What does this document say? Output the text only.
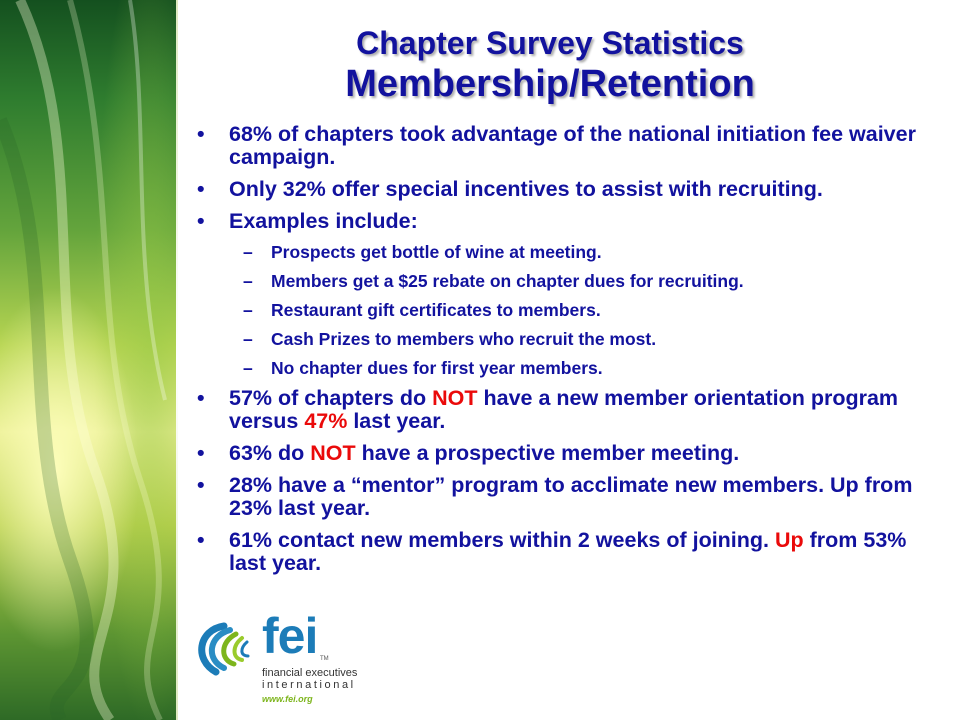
Chapter Survey Statistics
Membership/Retention
• 68% of chapters took advantage of the national initiation fee waiver campaign.
• Only 32% offer special incentives to assist with recruiting.
• Examples include:
– Prospects get bottle of wine at meeting.
– Members get a $25 rebate on chapter dues for recruiting.
– Restaurant gift certificates to members.
– Cash Prizes to members who recruit the most.
– No chapter dues for first year members.
• 57% of chapters do NOT have a new member orientation program versus 47% last year.
• 63% do NOT have a prospective member meeting.
• 28% have a “mentor” program to acclimate new members. Up from 23% last year.
• 61% contact new members within 2 weeks of joining. Up from 53% last year.
fei TM
financial executives
international
www.fei.org
